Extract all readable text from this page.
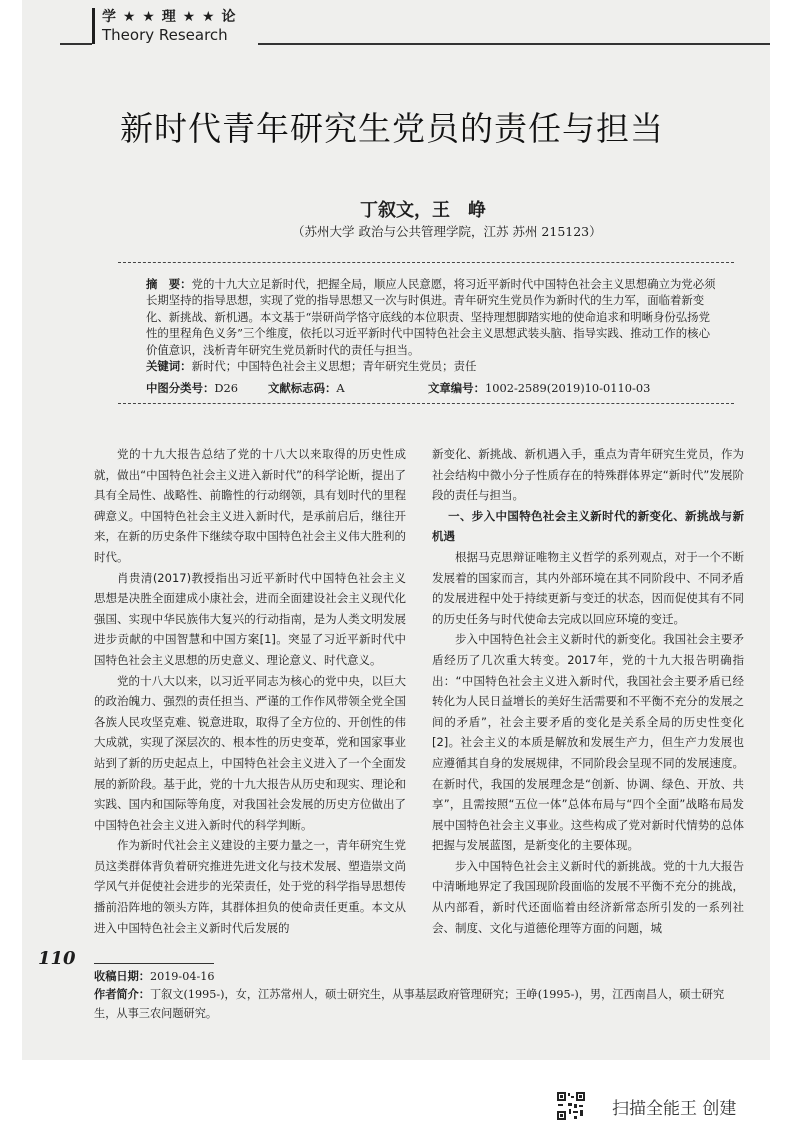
学 ★ ★ 理 ★ ★ 论
Theory Research
新时代青年研究生党员的责任与担当
丁叙文，王　峥
（苏州大学 政治与公共管理学院，江苏 苏州 215123）
摘　要：党的十九大立足新时代，把握全局，顺应人民意愿，将习近平新时代中国特色社会主义思想确立为党必须长期坚持的指导思想，实现了党的指导思想又一次与时俱进。青年研究生党员作为新时代的生力军，面临着新变化、新挑战、新机遇。本文基于“崇研尚学恪守底线的本位职责、坚持理想脚踏实地的使命追求和明晰身份弘扬党性的里程角色义务”三个维度，依托以习近平新时代中国特色社会主义思想武装头脑、指导实践、推动工作的核心价值意识，浅析青年研究生党员新时代的责任与担当。
关键词：新时代；中国特色社会主义思想；青年研究生党员；责任
中图分类号：D26	文献标志码：A	文章编号：1002-2589(2019)10-0110-03

党的十九大报告总结了党的十八大以来取得的历史性成就，做出“中国特色社会主义进入新时代”的科学论断，提出了具有全局性、战略性、前瞻性的行动纲领，具有划时代的里程碑意义。中国特色社会主义进入新时代，是承前启后，继往开来，在新的历史条件下继续夺取中国特色社会主义伟大胜利的时代。

肖贵清(2017)教授指出习近平新时代中国特色社会主义思想是决胜全面建成小康社会，进而全面建设社会主义现代化强国、实现中华民族伟大复兴的行动指南，是为人类文明发展进步贡献的中国智慧和中国方案[1]。突显了习近平新时代中国特色社会主义思想的历史意义、理论意义、时代意义。

党的十八大以来，以习近平同志为核心的党中央，以巨大的政治魄力、强烈的责任担当、严谨的工作作风带领全党全国各族人民攻坚克难、锐意进取，取得了全方位的、开创性的伟大成就，实现了深层次的、根本性的历史变革，党和国家事业站到了新的历史起点上，中国特色社会主义进入了一个全面发展的新阶段。基于此，党的十九大报告从历史和现实、理论和实践、国内和国际等角度，对我国社会发展的历史方位做出了中国特色社会主义进入新时代的科学判断。

作为新时代社会主义建设的主要力量之一，青年研究生党员这类群体背负着研究推进先进文化与技术发展、塑造崇文尚学风气并促使社会进步的光荣责任，处于党的科学指导思想传播前沿阵地的领头方阵，其群体担负的使命责任更重。本文从进入中国特色社会主义新时代后发展的

新变化、新挑战、新机遇入手，重点为青年研究生党员，作为社会结构中微小分子性质存在的特殊群体界定“新时代”发展阶段的责任与担当。

一、步入中国特色社会主义新时代的新变化、新挑战与新机遇

根据马克思辩证唯物主义哲学的系列观点，对于一个不断发展着的国家而言，其内外部环境在其不同阶段中、不同矛盾的发展进程中处于持续更新与变迁的状态，因而促使其有不同的历史任务与时代使命去完成以回应环境的变迁。

步入中国特色社会主义新时代的新变化。我国社会主要矛盾经历了几次重大转变。2017年，党的十九大报告明确指出：“中国特色社会主义进入新时代，我国社会主要矛盾已经转化为人民日益增长的美好生活需要和不平衡不充分的发展之间的矛盾”，社会主要矛盾的变化是关系全局的历史性变化[2]。社会主义的本质是解放和发展生产力，但生产力发展也应遵循其自身的发展规律，不同阶段会呈现不同的发展速度。在新时代，我国的发展理念是“创新、协调、绿色、开放、共享”，且需按照“五位一体”总体布局与“四个全面”战略布局发展中国特色社会主义事业。这些构成了党对新时代情势的总体把握与发展蓝图，是新变化的主要体现。

步入中国特色社会主义新时代的新挑战。党的十九大报告中清晰地界定了我国现阶段面临的发展不平衡不充分的挑战，从内部看，新时代还面临着由经济新常态所引发的一系列社会、制度、文化与道德伦理等方面的问题，城

110
收稿日期：2019-04-16
作者简介：丁叙文(1995-)，女，江苏常州人，硕士研究生，从事基层政府管理研究；王峥(1995-)，男，江西南昌人，硕士研究生，从事三农问题研究。
扫描全能王 创建
